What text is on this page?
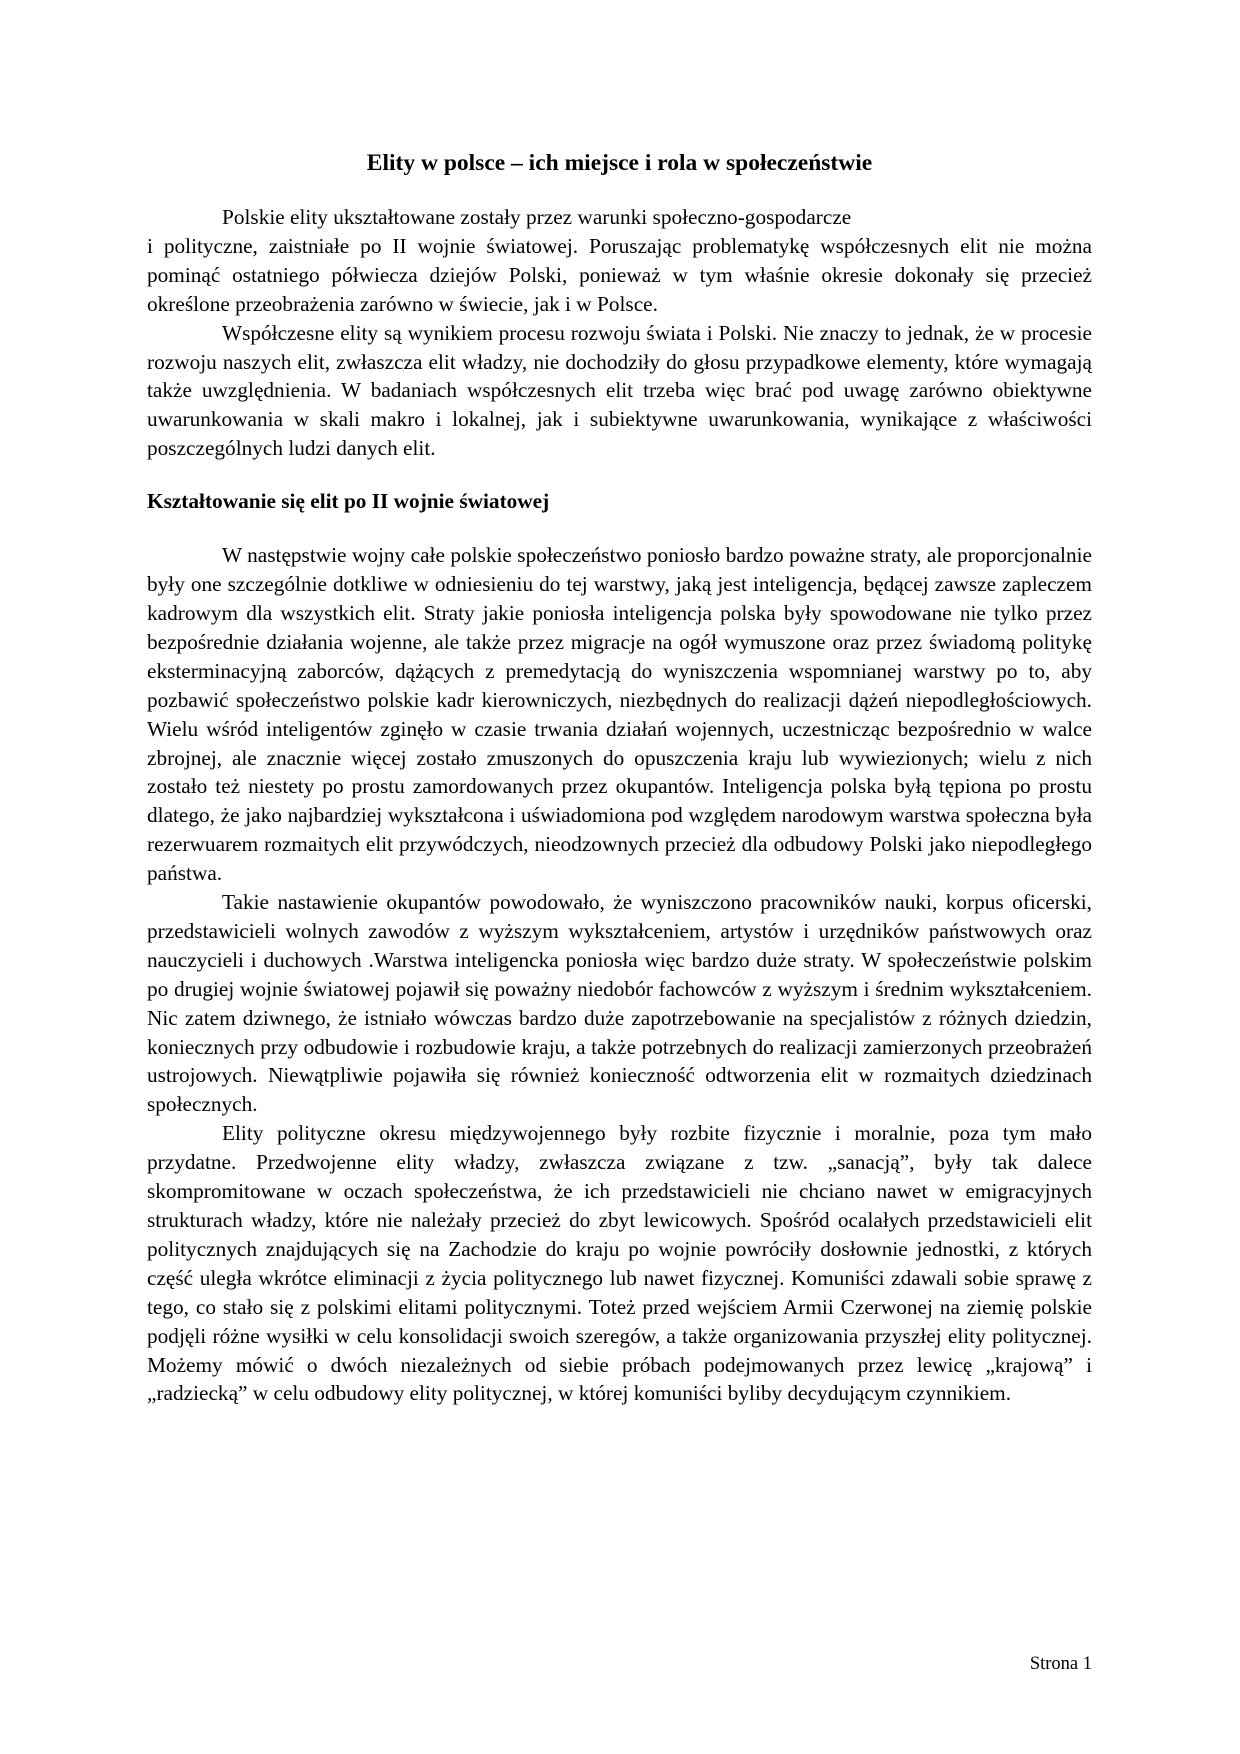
Elity w polsce – ich miejsce i rola w społeczeństwie

Polskie elity ukształtowane zostały przez warunki społeczno-gospodarcze
i polityczne, zaistniałe po II wojnie światowej. Poruszając problematykę współczesnych elit nie można pominąć ostatniego półwiecza dziejów Polski, ponieważ w tym właśnie okresie dokonały się przecież określone przeobrażenia zarówno w świecie, jak i w Polsce.

Współczesne elity są wynikiem procesu rozwoju świata i Polski. Nie znaczy to jednak, że w procesie rozwoju naszych elit, zwłaszcza elit władzy, nie dochodziły do głosu przypadkowe elementy, które wymagają także uwzględnienia. W badaniach współczesnych elit trzeba więc brać pod uwagę zarówno obiektywne uwarunkowania w skali makro i lokalnej, jak i subiektywne uwarunkowania, wynikające z właściwości poszczególnych ludzi danych elit.

Kształtowanie się elit po II wojnie światowej

W następstwie wojny całe polskie społeczeństwo poniosło bardzo poważne straty, ale proporcjonalnie były one szczególnie dotkliwe w odniesieniu do tej warstwy, jaką jest inteligencja, będącej zawsze zapleczem kadrowym dla wszystkich elit. Straty jakie poniosła inteligencja polska były spowodowane nie tylko przez bezpośrednie działania wojenne, ale także przez migracje na ogół wymuszone oraz przez świadomą politykę eksterminacyjną zaborców, dążących z premedytacją do wyniszczenia wspomnianej warstwy po to, aby pozbawić społeczeństwo polskie kadr kierowniczych, niezbędnych do realizacji dążeń niepodległościowych. Wielu wśród inteligentów zginęło w czasie trwania działań wojennych, uczestnicząc bezpośrednio w walce zbrojnej, ale znacznie więcej zostało zmuszonych do opuszczenia kraju lub wywiezionych; wielu z nich zostało też niestety po prostu zamordowanych przez okupantów. Inteligencja polska byłą tępiona po prostu dlatego, że jako najbardziej wykształcona i uświadomiona pod względem narodowym warstwa społeczna była rezerwuarem rozmaitych elit przywódczych, nieodzownych przecież dla odbudowy Polski jako niepodległego państwa.

Takie nastawienie okupantów powodowało, że wyniszczono pracowników nauki, korpus oficerski, przedstawicieli wolnych zawodów z wyższym wykształceniem, artystów i urzędników państwowych oraz nauczycieli i duchowych .Warstwa inteligencka poniosła więc bardzo duże straty. W społeczeństwie polskim po drugiej wojnie światowej pojawił się poważny niedobór fachowców z wyższym i średnim wykształceniem. Nic zatem dziwnego, że istniało wówczas bardzo duże zapotrzebowanie na specjalistów z różnych dziedzin, koniecznych przy odbudowie i rozbudowie kraju, a także potrzebnych do realizacji zamierzonych przeobrażeń ustrojowych. Niewątpliwie pojawiła się również konieczność odtworzenia elit w rozmaitych dziedzinach społecznych.

Elity polityczne okresu międzywojennego były rozbite fizycznie i moralnie, poza tym mało przydatne. Przedwojenne elity władzy, zwłaszcza związane z tzw. „sanacją”, były tak dalece skompromitowane w oczach społeczeństwa, że ich przedstawicieli nie chciano nawet w emigracyjnych strukturach władzy, które nie należały przecież do zbyt lewicowych. Spośród ocalałych przedstawicieli elit politycznych znajdujących się na Zachodzie do kraju po wojnie powróciły dosłownie jednostki, z których część uległa wkrótce eliminacji z życia politycznego lub nawet fizycznej. Komuniści zdawali sobie sprawę z tego, co stało się z polskimi elitami politycznymi. Toteż przed wejściem Armii Czerwonej na ziemię polskie podjęli różne wysiłki w celu konsolidacji swoich szeregów, a także organizowania przyszłej elity politycznej. Możemy mówić o dwóch niezależnych od siebie próbach podejmowanych przez lewicę „krajową” i „radziecką” w celu odbudowy elity politycznej, w której komuniści byliby decydującym czynnikiem.

Strona 1
